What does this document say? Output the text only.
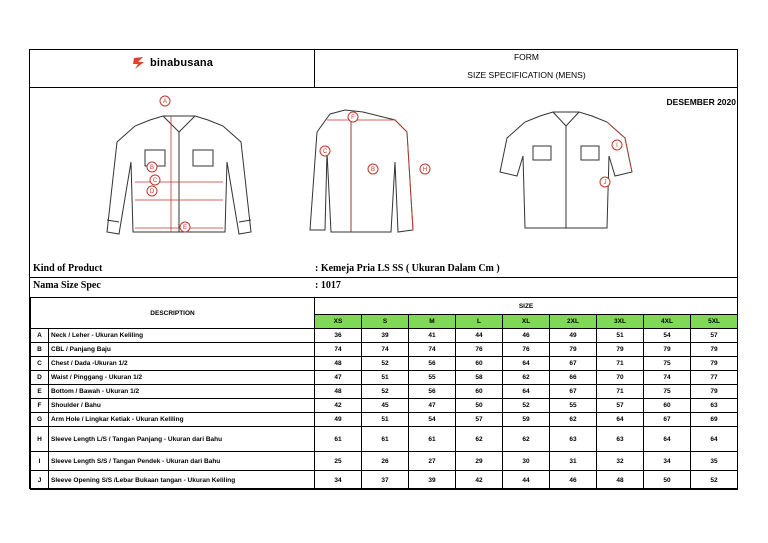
binabusana	FORM
SIZE SPECIFICATION (MENS)
DESEMBER 2020
A
B
C
D
E
F
B
C
H
I
J
Kind of Product	: Kemeja Pria LS SS ( Ukuran Dalam Cm )
Nama Size Spec	: 1017
DESCRIPTION		SIZE								
		XS	S	M	L	XL	2XL	3XL	4XL	5XL
A	Neck / Leher - Ukuran Keliling	36	39	41	44	46	49	51	54	57
B	CBL / Panjang Baju	74	74	74	76	76	79	79	79	79
C	Chest / Dada -Ukuran 1/2	48	52	56	60	64	67	71	75	79
D	Waist / Pinggang - Ukuran 1/2	47	51	55	58	62	66	70	74	77
E	Bottom / Bawah - Ukuran 1/2	48	52	56	60	64	67	71	75	79
F	Shoulder / Bahu	42	45	47	50	52	55	57	60	63
G	Arm Hole / Lingkar Ketiak - Ukuran Keliling	49	51	54	57	59	62	64	67	69
H	Sleeve Length L/S / Tangan Panjang - Ukuran dari Bahu	61	61	61	62	62	63	63	64	64
I	Sleeve Length S/S / Tangan Pendek - Ukuran dari Bahu	25	26	27	29	30	31	32	34	35
J	Sleeve Opening S/S /Lebar Bukaan tangan - Ukuran Keliling	34	37	39	42	44	46	48	50	52
